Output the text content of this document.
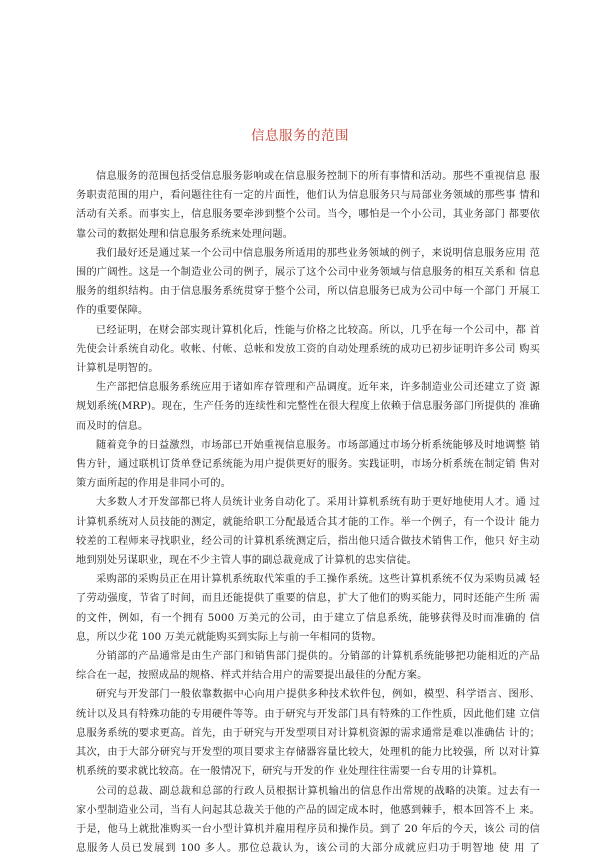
信息服务的范围

信息服务的范围包括受信息服务影响或在信息服务控制下的所有事情和活动。那些不重视信息 服务职责范围的用户，看问题往往有一定的片面性，他们认为信息服务只与局部业务领域的那些事 情和活动有关系。而事实上，信息服务要牵涉到整个公司。当今，哪怕是一个小公司，其业务部门 都要依靠公司的数据处理和信息服务系统来处理问题。

我们最好还是通过某一个公司中信息服务所适用的那些业务领域的例子，来说明信息服务应用 范围的广阔性。这是一个制造业公司的例子，展示了这个公司中业务领域与信息服务的相互关系和 信息服务的组织结构。由于信息服务系统贯穿于整个公司，所以信息服务已成为公司中每一个部门 开展工作的重要保障。

已经证明，在财会部实现计算机化后，性能与价格之比较高。所以，几乎在每一个公司中，都 首先使会计系统自动化。收帐、付帐、总帐和发放工资的自动处理系统的成功已初步证明许多公司 购买计算机是明智的。

生产部把信息服务系统应用于诸如库存管理和产品调度。近年来，许多制造业公司还建立了资 源规划系统(MRP)。现在，生产任务的连续性和完整性在很大程度上依赖于信息服务部门所提供的 准确而及时的信息。

随着竞争的日益激烈，市场部已开始重视信息服务。市场部通过市场分析系统能够及时地调整 销售方针，通过联机订货单登记系统能为用户提供更好的服务。实践证明，市场分析系统在制定销 售对策方面所起的作用是非同小可的。

大多数人才开发部都已将人员统计业务自动化了。采用计算机系统有助于更好地使用人才。通 过计算机系统对人员技能的测定，就能给职工分配最适合其才能的工作。举一个例子，有一个设计 能力较差的工程师来寻找职业，经公司的计算机系统测定后，指出他只适合做技术销售工作，他只 好主动地到别处另谋职业，现在不少主管人事的副总裁竟成了计算机的忠实信徒。

采购部的采购员正在用计算机系统取代笨重的手工操作系统。这些计算机系统不仅为采购员减 轻了劳动强度，节省了时间，而且还能提供了重要的信息，扩大了他们的购买能力，同时还能产生所 需的文件，例如，有一个拥有 5000 万美元的公司，由于建立了信息系统，能够获得及时而准确的 信息，所以少花 100 万美元就能购买到实际上与前一年相同的货物。

分销部的产品通常是由生产部门和销售部门提供的。分销部的计算机系统能够把功能相近的产品综合在一起，按照成品的规格、样式并结合用户的需要提出最佳的分配方案。

研究与开发部门一般依靠数据中心向用户提供多种技术软件包，例如，模型、科学语言、图形、统计以及具有特殊功能的专用硬件等等。由于研究与开发部门具有特殊的工作性质，因此他们建 立信息服务系统的要求更高。首先，由于研究与开发型项目对计算机资源的需求通常是难以准确估 计的；其次，由于大部分研究与开发型的项目要求主存储器容量比较大，处理机的能力比较强，所 以对计算机系统的要求就比较高。在一般情况下，研究与开发的作 业处理往往需要一台专用的计算机。

公司的总裁、副总裁和总部的行政人员根据计算机输出的信息作出常规的战略的决策。过去有一家小型制造业公司，当有人问起其总裁关于他的产品的固定成本时，他感到棘手，根本回答不上 来。于是，他马上就批准购买一台小型计算机并雇用程序员和操作员。到了 20 年后的今天，该公 司的信息服务人员已发展到 100 多人。那位总裁认为，该公司的大部分成就应归功于明智地 使 用 了
